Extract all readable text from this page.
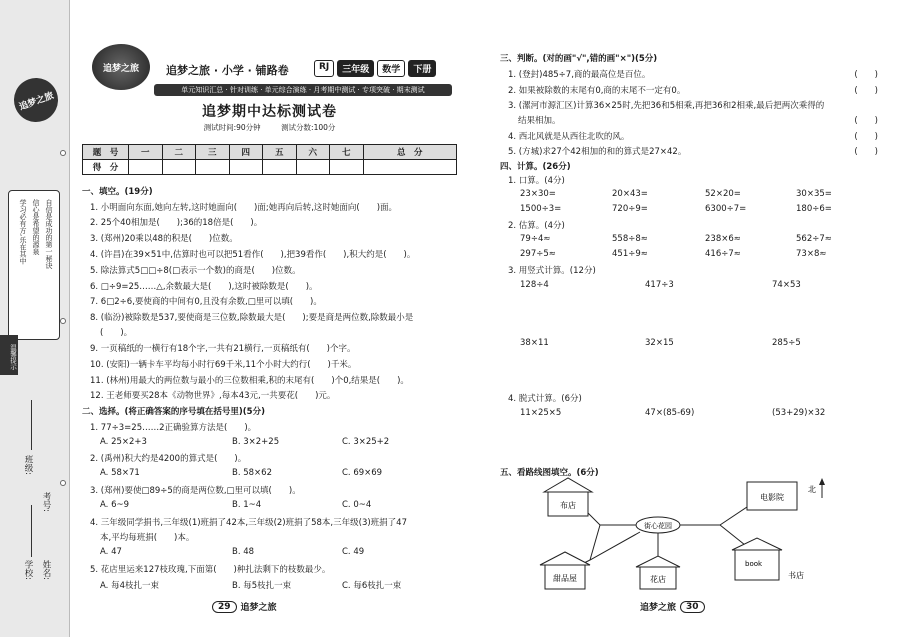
追梦之旅
自信是成功的第一秘诀
信心是希望的源泉
学习必有方,乐在其中
温馨提示
班级:
考号:
学校: 姓名:
追梦之旅	追梦之旅 · 小学 · 铺路卷	RJ	三年级	数学	下册
单元知识汇总 · 针对训练 · 单元综合演练 · 月考期中测试 · 专项突破 · 期末测试
追梦期中达标测试卷
测试时间:90分钟	测试分数:100分
题　号	一	二	三	四	五	六	七	总　分
得　分								
一、填空。(19分)
1. 小明面向东面,她向左转,这时她面向(　　)面;她再向后转,这时她面向(　　)面。
2. 25个40相加是(　　);36的18倍是(　　)。
3. (郑州)20乘以48的积是(　　)位数。
4. (许昌)在39×51中,估算时也可以把51看作(　　),把39看作(　　),积大约是(　　)。
5. 除法算式5□□÷8(□表示一个数)的商是(　　)位数。
6. □÷9=25……△,余数最大是(　　),这时被除数是(　　)。
7. 6□2÷6,要使商的中间有0,且没有余数,□里可以填(　　)。
8. (临汾)被除数是537,要使商是三位数,除数最大是(　　);要是商是两位数,除数最小是
(　　)。
9. 一页稿纸的一横行有18个字,一共有21横行,一页稿纸有(　　)个字。
10. (安阳)一辆卡车平均每小时行69千米,11个小时大约行(　　)千米。
11. (林州)用最大的两位数与最小的三位数相乘,积的末尾有(　　)个0,结果是(　　)。
12. 王老师要买28本《动物世界》,每本43元,一共要花(　　)元。
二、选择。(将正确答案的序号填在括号里)(5分)
1. 77÷3=25……2正确验算方法是(　　)。
A. 25×2+3	B. 3×2+25	C. 3×25+2
2. (禹州)积大约是4200的算式是(　　)。
A. 58×71	B. 58×62	C. 69×69
3. (郑州)要使□89÷5的商是两位数,□里可以填(　　)。
A. 6~9	B. 1~4	C. 0~4
4. 三年级同学捐书,三年级(1)班捐了42本,三年级(2)班捐了58本,三年级(3)班捐了47
本,平均每班捐(　　)本。
A. 47	B. 48	C. 49
5. 花店里运来127枝玫瑰,下面第(　　)种扎法剩下的枝数最少。
A. 每4枝扎一束	B. 每5枝扎一束	C. 每6枝扎一束
29	追梦之旅
三、判断。(对的画"√",错的画"×")(5分)
1. (登封)485÷7,商的最高位是百位。	(　　)
2. 如果被除数的末尾有0,商的末尾不一定有0。	(　　)
3. (漯河市源汇区)计算36×25时,先把36和5相乘,再把36和2相乘,最后把两次乘得的
结果相加。	(　　)
4. 西北风就是从西往北吹的风。	(　　)
5. (方城)求27个42相加的和的算式是27×42。	(　　)
四、计算。(26分)
1. 口算。(4分)
23×30=	20×43=	52×20=	30×35=
1500÷3=	720÷9=	6300÷7=	180÷6=
2. 估算。(4分)
79÷4≈	558÷8≈	238×6≈	562÷7≈
297÷5≈	451÷9≈	416÷7≈	73×8≈
3. 用竖式计算。(12分)
128÷4	417÷3	74×53
38×11	32×15	285÷5
4. 脱式计算。(6分)
11×25×5	47×(85-69)	(53+29)×32
五、看路线图填空。(6分)
布店
电影院
街心花园
甜品屋	花店
book
书店
北
追梦之旅	30
